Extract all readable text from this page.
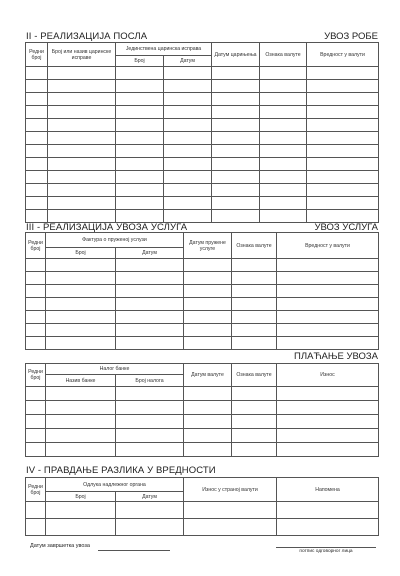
II - РЕАЛИЗАЦИЈА ПОСЛА	УВОЗ РОБЕ
Редни број	Број или назив царинске исправе	Јединствена царинска исправа		Датум царињења	Ознака валуте	Вредност у валути
		Број	Датум			

III - РЕАЛИЗАЦИЈА УВОЗА УСЛУГА	УВОЗ УСЛУГА
Редни број	Фактура о пруженој услузи		Датум пружене услуге	Ознака валуте	Вредност у валути
	Број	Датум			

ПЛАЋАЊЕ УВОЗА
Редни број	Налог банке		Датум валуте	Ознака валуте	Износ
	Назив банке	Број налога			

IV - ПРАВДАЊЕ РАЗЛИКА У ВРЕДНОСТИ
Редни број	Одлука надлежног органа		Износ у страној валути	Напомена
	Број	Датум		

Датум завршетка увоза
потпис одговорног лица
